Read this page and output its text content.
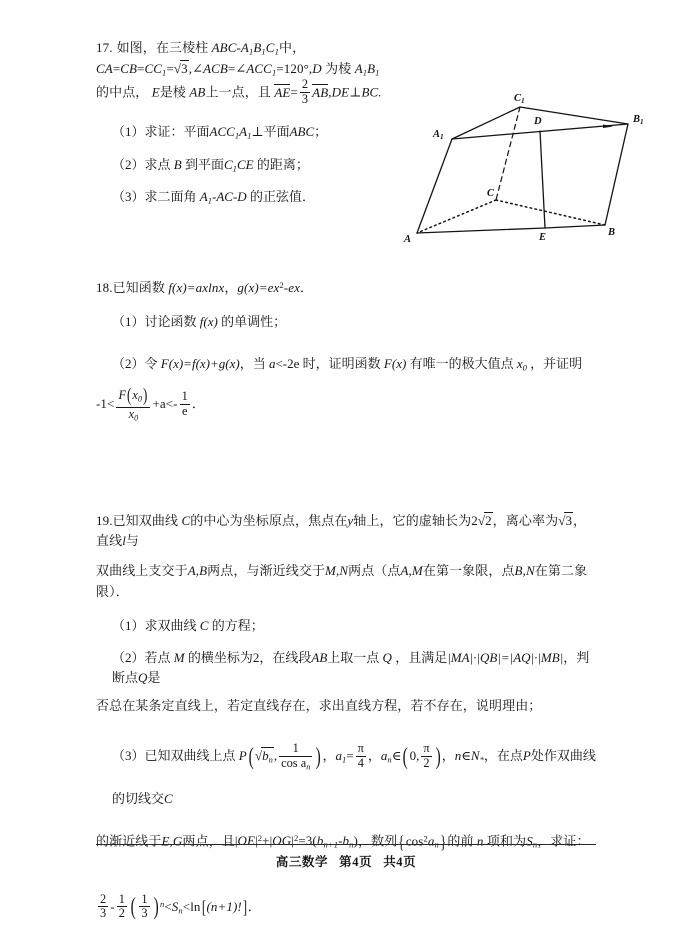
A
B
C
A1
B1
C1
D
E

17. 如图，在三棱柱 ABC-$A_1B_1C_1$中， $CA=CB=CC_1=√3,\angle ACB=\angle ACC_1=120^\circ,D$ 为棱 $A_1B_1$的中点， E是棱 AB上一点，且 $AE= \frac{2}{3}$ AB,DE⊥BC.

（1）求证：平面$ACC_1A_1\perp$平面ABC；

（2）求点 B 到平面$C_1CE$ 的距离；

（3）求二面角 $A_1-AC-D$ 的正弦值．

18.已知函数 f(x)=axlnx，$g(x)=ex^2-ex$．

（1）讨论函数 f(x) 的单调性；

（2）令 F(x)=f(x)+g(x)，当 a<-2e 时，证明函数 F(x) 有唯一的极大值点 $x_0$ ，并证明

$-1< \frac{F(x_0)}{x_0} +a<- \frac{1}{e}$ ．

19.已知双曲线 C的中心为坐标原点，焦点在y轴上，它的虚轴长为2√2，离心率为√3，直线l与

双曲线上支交于A,B两点，与渐近线交于M,N两点（点A,M在第一象限，点B,N在第二象限）．

（1）求双曲线 C 的方程；

（2）若点 M 的横坐标为2，在线段AB上取一点 Q ，且满足|MA|·|QB|=|AQ|·|MB|，判断点Q是

否总在某条定直线上，若定直线存在，求出直线方程，若不存在，说明理由；

（3）已知双曲线上点 P( $√b_n$, $\frac{1}{\cos a_n}$ ) ，$a_1= \frac{\pi}{4}$ ，$a_n\in$( 0, $\frac{\pi}{2}$ ) ，$n\in N_*$，在点P处作双曲线的切线交C

的渐近线于E,G两点，且$|OE|^2+|OG|^2=3(b_{n+1}-b_n)$，数列$\{\cos^2a_n\}$的前 n 项和为$S_n$，求证：

$\frac{2}{3} - \frac{1}{2}$ ( $\frac{1}{3}$ ) $^n<S_n<\ln[(n+1)!]$．

高三数学 第4页 共4页
